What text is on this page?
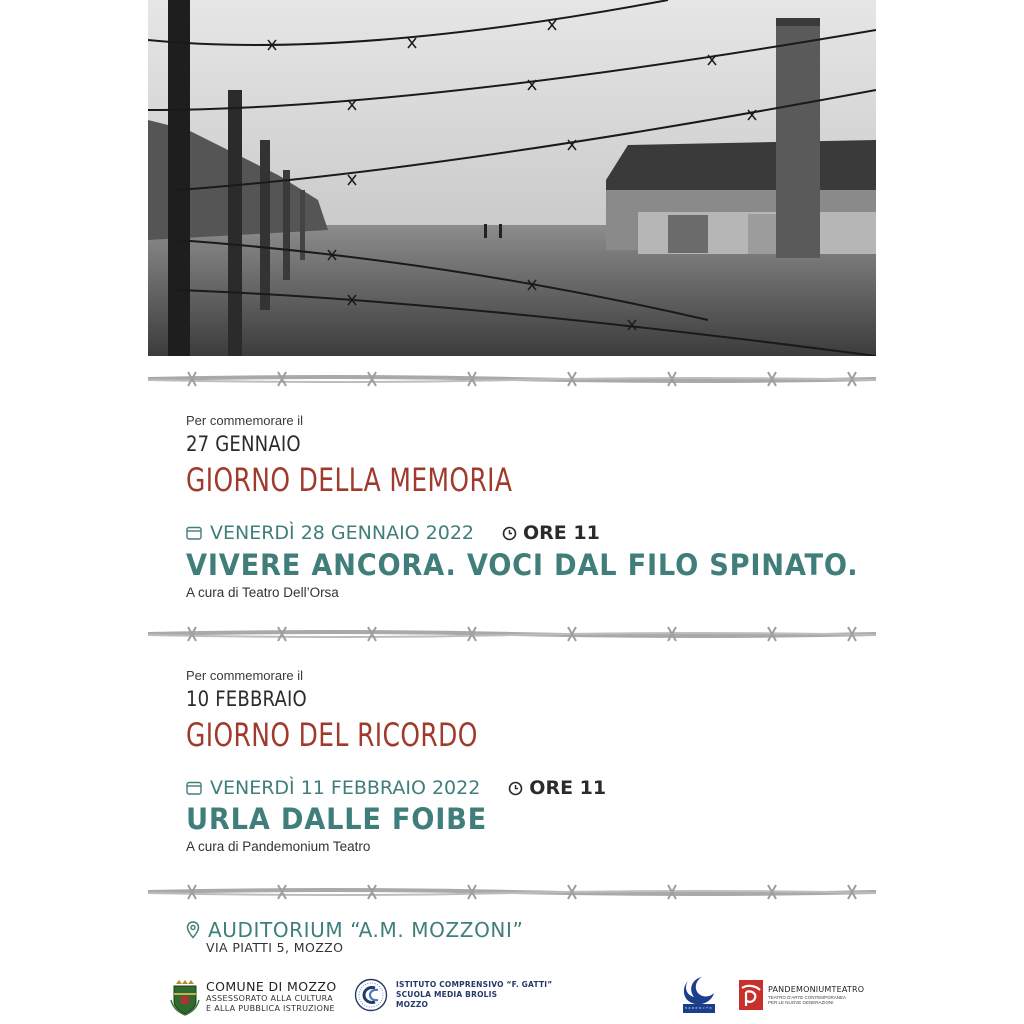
Per commemorare il
27 GENNAIO
GIORNO DELLA MEMORIA
VENERDÌ 28 GENNAIO 2022	ORE 11
VIVERE ANCORA. VOCI DAL FILO SPINATO.
A cura di Teatro Dell’Orsa
Per commemorare il
10 FEBBRAIO
GIORNO DEL RICORDO
VENERDÌ 11 FEBBRAIO 2022	ORE 11
URLA DALLE FOIBE
A cura di Pandemonium Teatro
AUDITORIUM “A.M. MOZZONI”
VIA PIATTI 5, MOZZO
COMUNE DI MOZZO
ASSESSORATO ALLA CULTURA
E ALLA PUBBLICA ISTRUZIONE
ISTITUTO COMPRENSIVO “F. GATTI”
SCUOLA MEDIA BROLIS
MOZZO
Teatro Dell'Orsa
PANDEMONIUMTEATRO
TEATRO D'ARTE CONTEMPORANEA
PER LE NUOVE GENERAZIONI
